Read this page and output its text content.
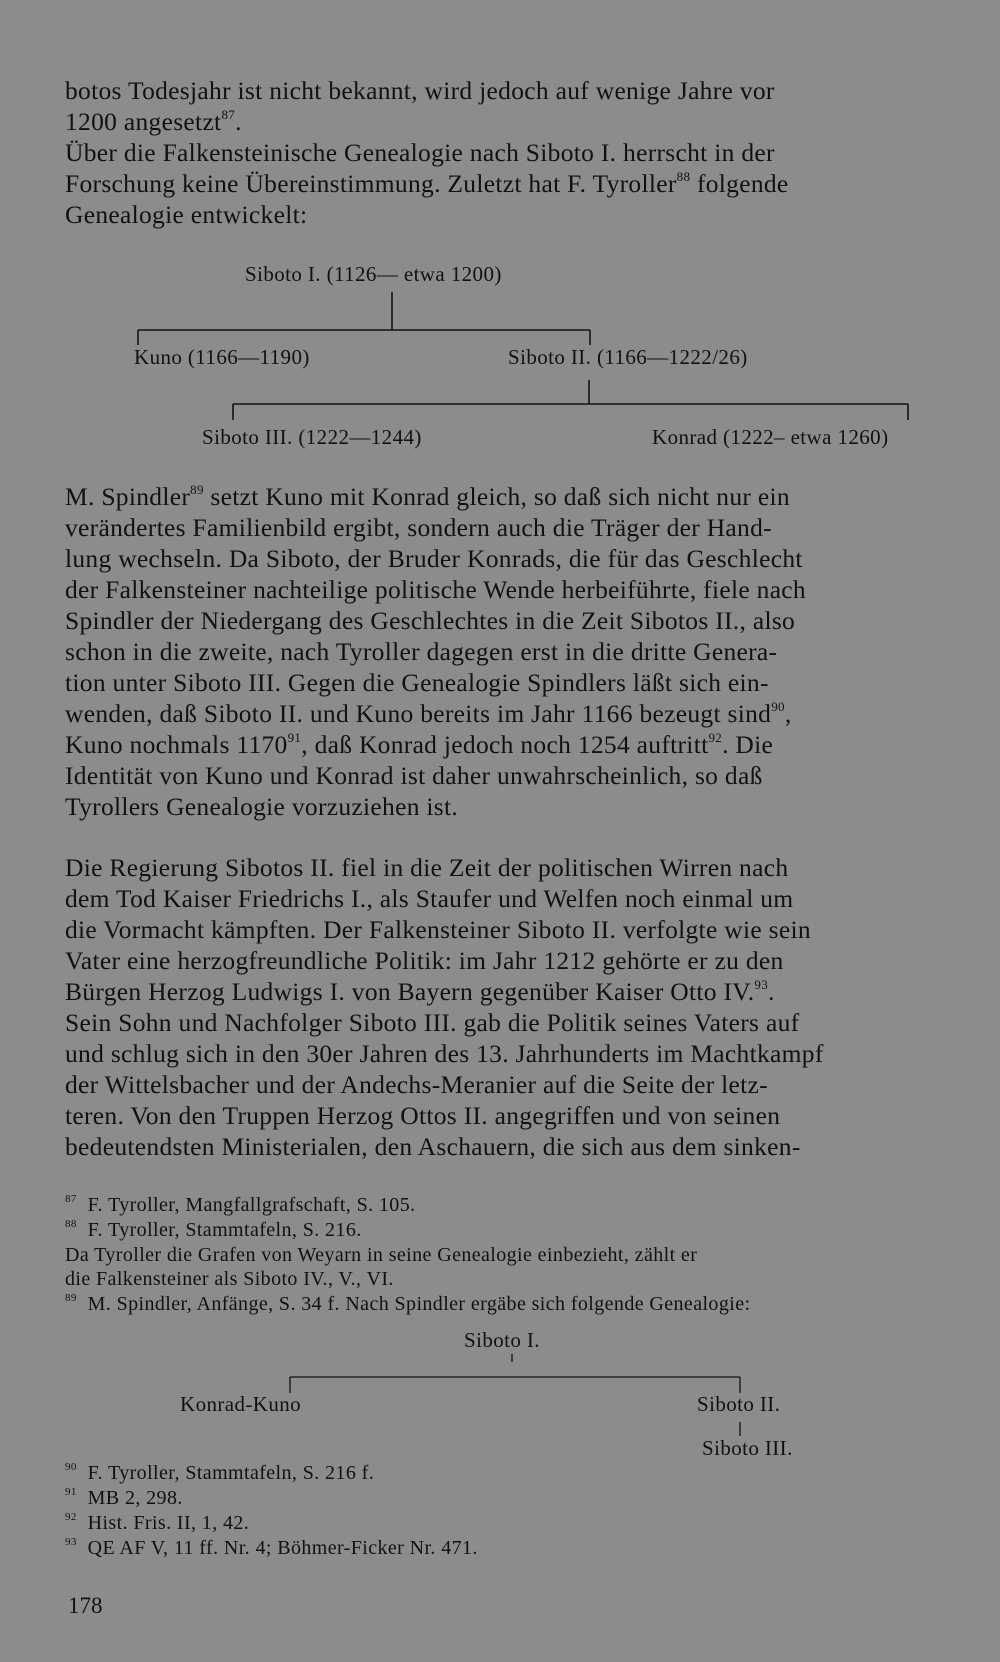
botos Todesjahr ist nicht bekannt, wird jedoch auf wenige Jahre vor
1200 angesetzt$^{87}$.
Über die Falkensteinische Genealogie nach Siboto I. herrscht in der
Forschung keine Übereinstimmung. Zuletzt hat F. Tyroller$^{88}$ folgende
Genealogie entwickelt:
Siboto I. (1126— etwa 1200)
Kuno (1166—1190)	Siboto II. (1166—1222/26)
Siboto III. (1222—1244)	Konrad (1222– etwa 1260)
M. Spindler$^{89}$ setzt Kuno mit Konrad gleich, so daß sich nicht nur ein
verändertes Familienbild ergibt, sondern auch die Träger der Hand-
lung wechseln. Da Siboto, der Bruder Konrads, die für das Geschlecht
der Falkensteiner nachteilige politische Wende herbeiführte, fiele nach
Spindler der Niedergang des Geschlechtes in die Zeit Sibotos II., also
schon in die zweite, nach Tyroller dagegen erst in die dritte Genera-
tion unter Siboto III. Gegen die Genealogie Spindlers läßt sich ein-
wenden, daß Siboto II. und Kuno bereits im Jahr 1166 bezeugt sind$^{90}$,
Kuno nochmals 1170$^{91}$, daß Konrad jedoch noch 1254 auftritt$^{92}$. Die
Identität von Kuno und Konrad ist daher unwahrscheinlich, so daß
Tyrollers Genealogie vorzuziehen ist.
Die Regierung Sibotos II. fiel in die Zeit der politischen Wirren nach
dem Tod Kaiser Friedrichs I., als Staufer und Welfen noch einmal um
die Vormacht kämpften. Der Falkensteiner Siboto II. verfolgte wie sein
Vater eine herzogfreundliche Politik: im Jahr 1212 gehörte er zu den
Bürgen Herzog Ludwigs I. von Bayern gegenüber Kaiser Otto IV.$^{93}$.
Sein Sohn und Nachfolger Siboto III. gab die Politik seines Vaters auf
und schlug sich in den 30er Jahren des 13. Jahrhunderts im Machtkampf
der Wittelsbacher und der Andechs-Meranier auf die Seite der letz-
teren. Von den Truppen Herzog Ottos II. angegriffen und von seinen
bedeutendsten Ministerialen, den Aschauern, die sich aus dem sinken-
$^{87}$ F. Tyroller, Mangfallgrafschaft, S. 105.
$^{88}$ F. Tyroller, Stammtafeln, S. 216.
Da Tyroller die Grafen von Weyarn in seine Genealogie einbezieht, zählt er
die Falkensteiner als Siboto IV., V., VI.
$^{89}$ M. Spindler, Anfänge, S. 34 f. Nach Spindler ergäbe sich folgende Genealogie:
Siboto I.
Konrad-Kuno	Siboto II.
Siboto III.
$^{90}$ F. Tyroller, Stammtafeln, S. 216 f.
$^{91}$ MB 2, 298.
$^{92}$ Hist. Fris. II, 1, 42.
$^{93}$ QE AF V, 11 ff. Nr. 4; Böhmer-Ficker Nr. 471.
178
